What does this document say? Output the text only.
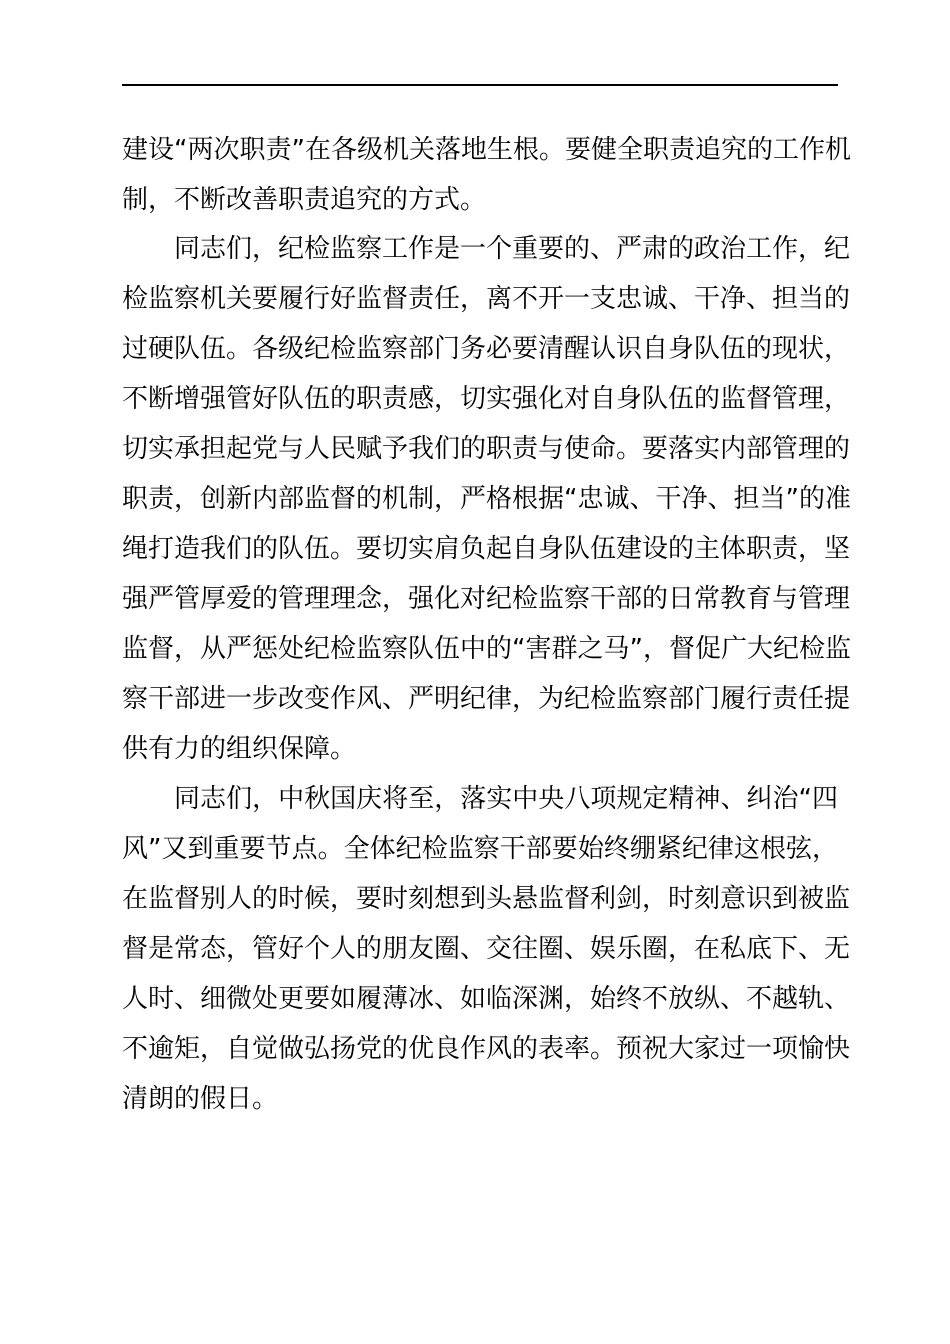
建设“两次职责”在各级机关落地生根。要健全职责追究的工作机
制，不断改善职责追究的方式。
　　同志们，纪检监察工作是一个重要的、严肃的政治工作，纪
检监察机关要履行好监督责任，离不开一支忠诚、干净、担当的
过硬队伍。各级纪检监察部门务必要清醒认识自身队伍的现状，
不断增强管好队伍的职责感，切实强化对自身队伍的监督管理，
切实承担起党与人民赋予我们的职责与使命。要落实内部管理的
职责，创新内部监督的机制，严格根据“忠诚、干净、担当”的准
绳打造我们的队伍。要切实肩负起自身队伍建设的主体职责，坚
强严管厚爱的管理理念，强化对纪检监察干部的日常教育与管理
监督，从严惩处纪检监察队伍中的“害群之马”，督促广大纪检监
察干部进一步改变作风、严明纪律，为纪检监察部门履行责任提
供有力的组织保障。
　　同志们，中秋国庆将至，落实中央八项规定精神、纠治“四
风”又到重要节点。全体纪检监察干部要始终绷紧纪律这根弦，
在监督别人的时候，要时刻想到头悬监督利剑，时刻意识到被监
督是常态，管好个人的朋友圈、交往圈、娱乐圈，在私底下、无
人时、细微处更要如履薄冰、如临深渊，始终不放纵、不越轨、
不逾矩，自觉做弘扬党的优良作风的表率。预祝大家过一项愉快
清朗的假日。
